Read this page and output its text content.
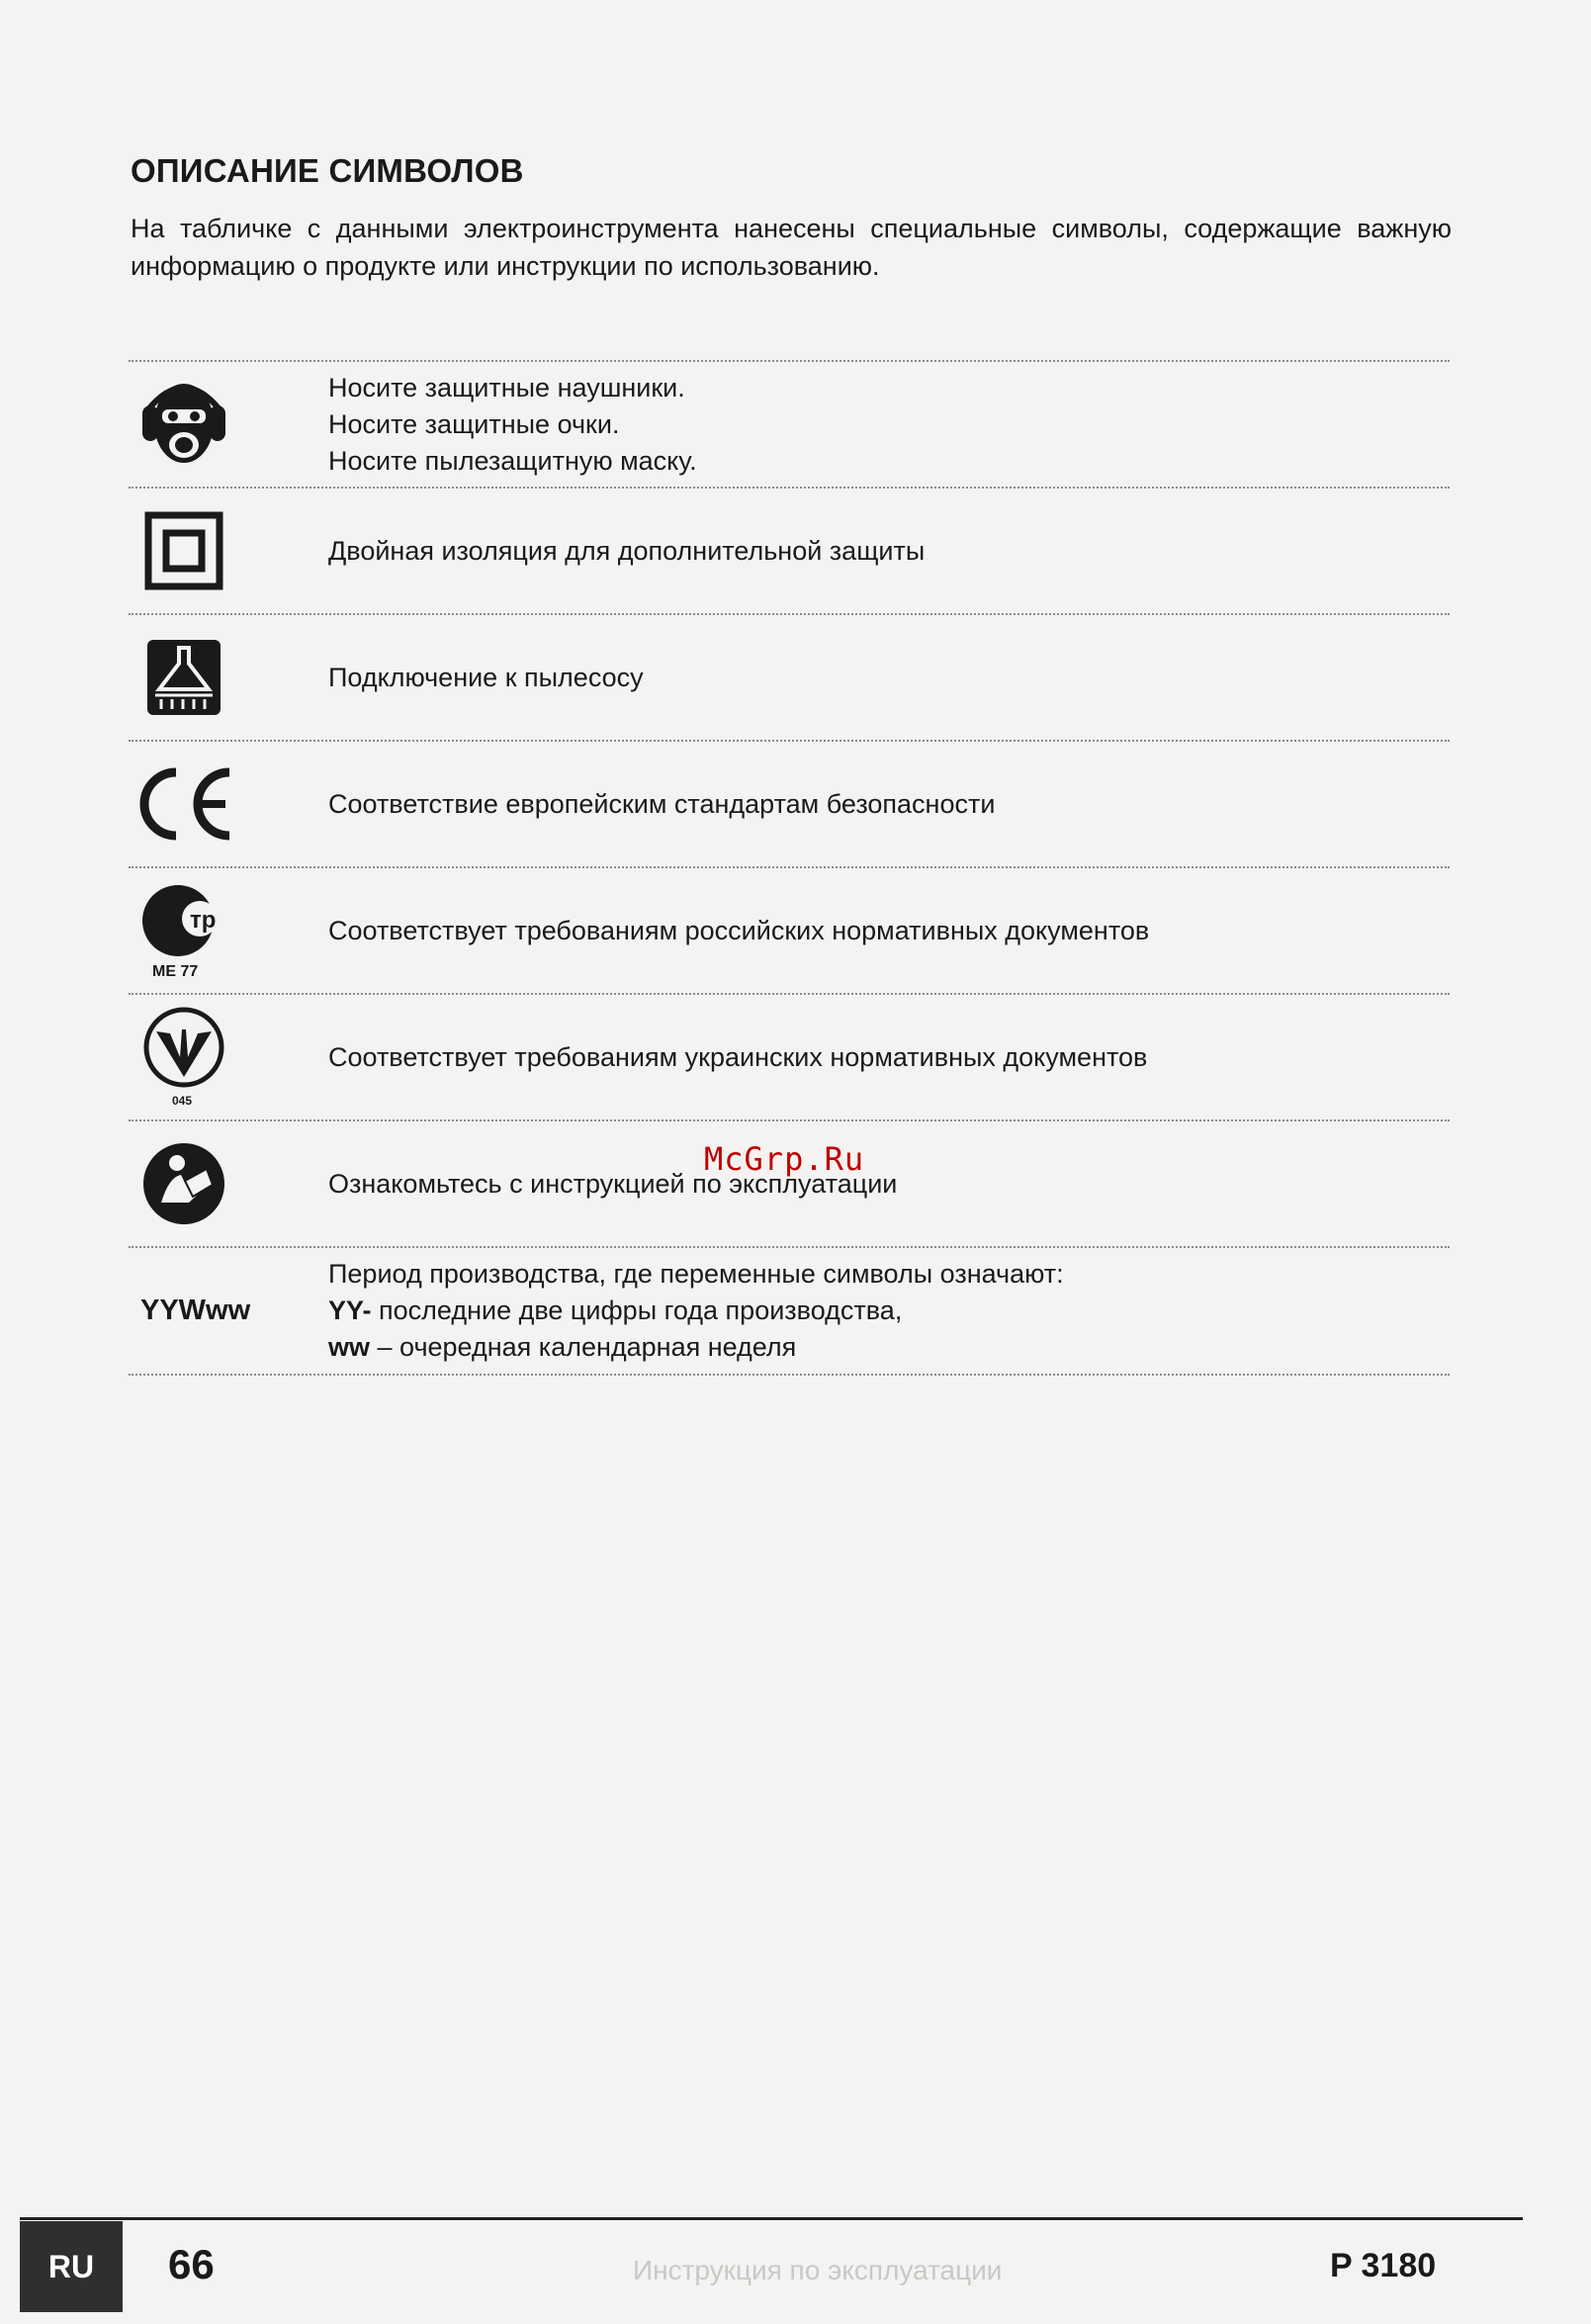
ОПИСАНИЕ СИМВОЛОВ
На табличке с данными электроинструмента нанесены специальные символы, содержащие важную информацию о продукте или инструкции по использованию.
Носите защитные наушники.
Носите защитные очки.
Носите пылезащитную маску.
Двойная изоляция для дополнительной защиты
Подключение к пылесосу
Соответствие европейским стандартам безопасности
тр
ME 77
Соответствует требованиям российских нормативных документов
045
Соответствует требованиям украинских нормативных документов
Ознакомьтесь с инструкцией по эксплуатации
YYWww
Период производства, где переменные символы означают:
YY- последние две цифры года производства,
ww – очередная календарная неделя
McGrp.Ru
RU	66	Инструкция по эксплуатации	P 3180
